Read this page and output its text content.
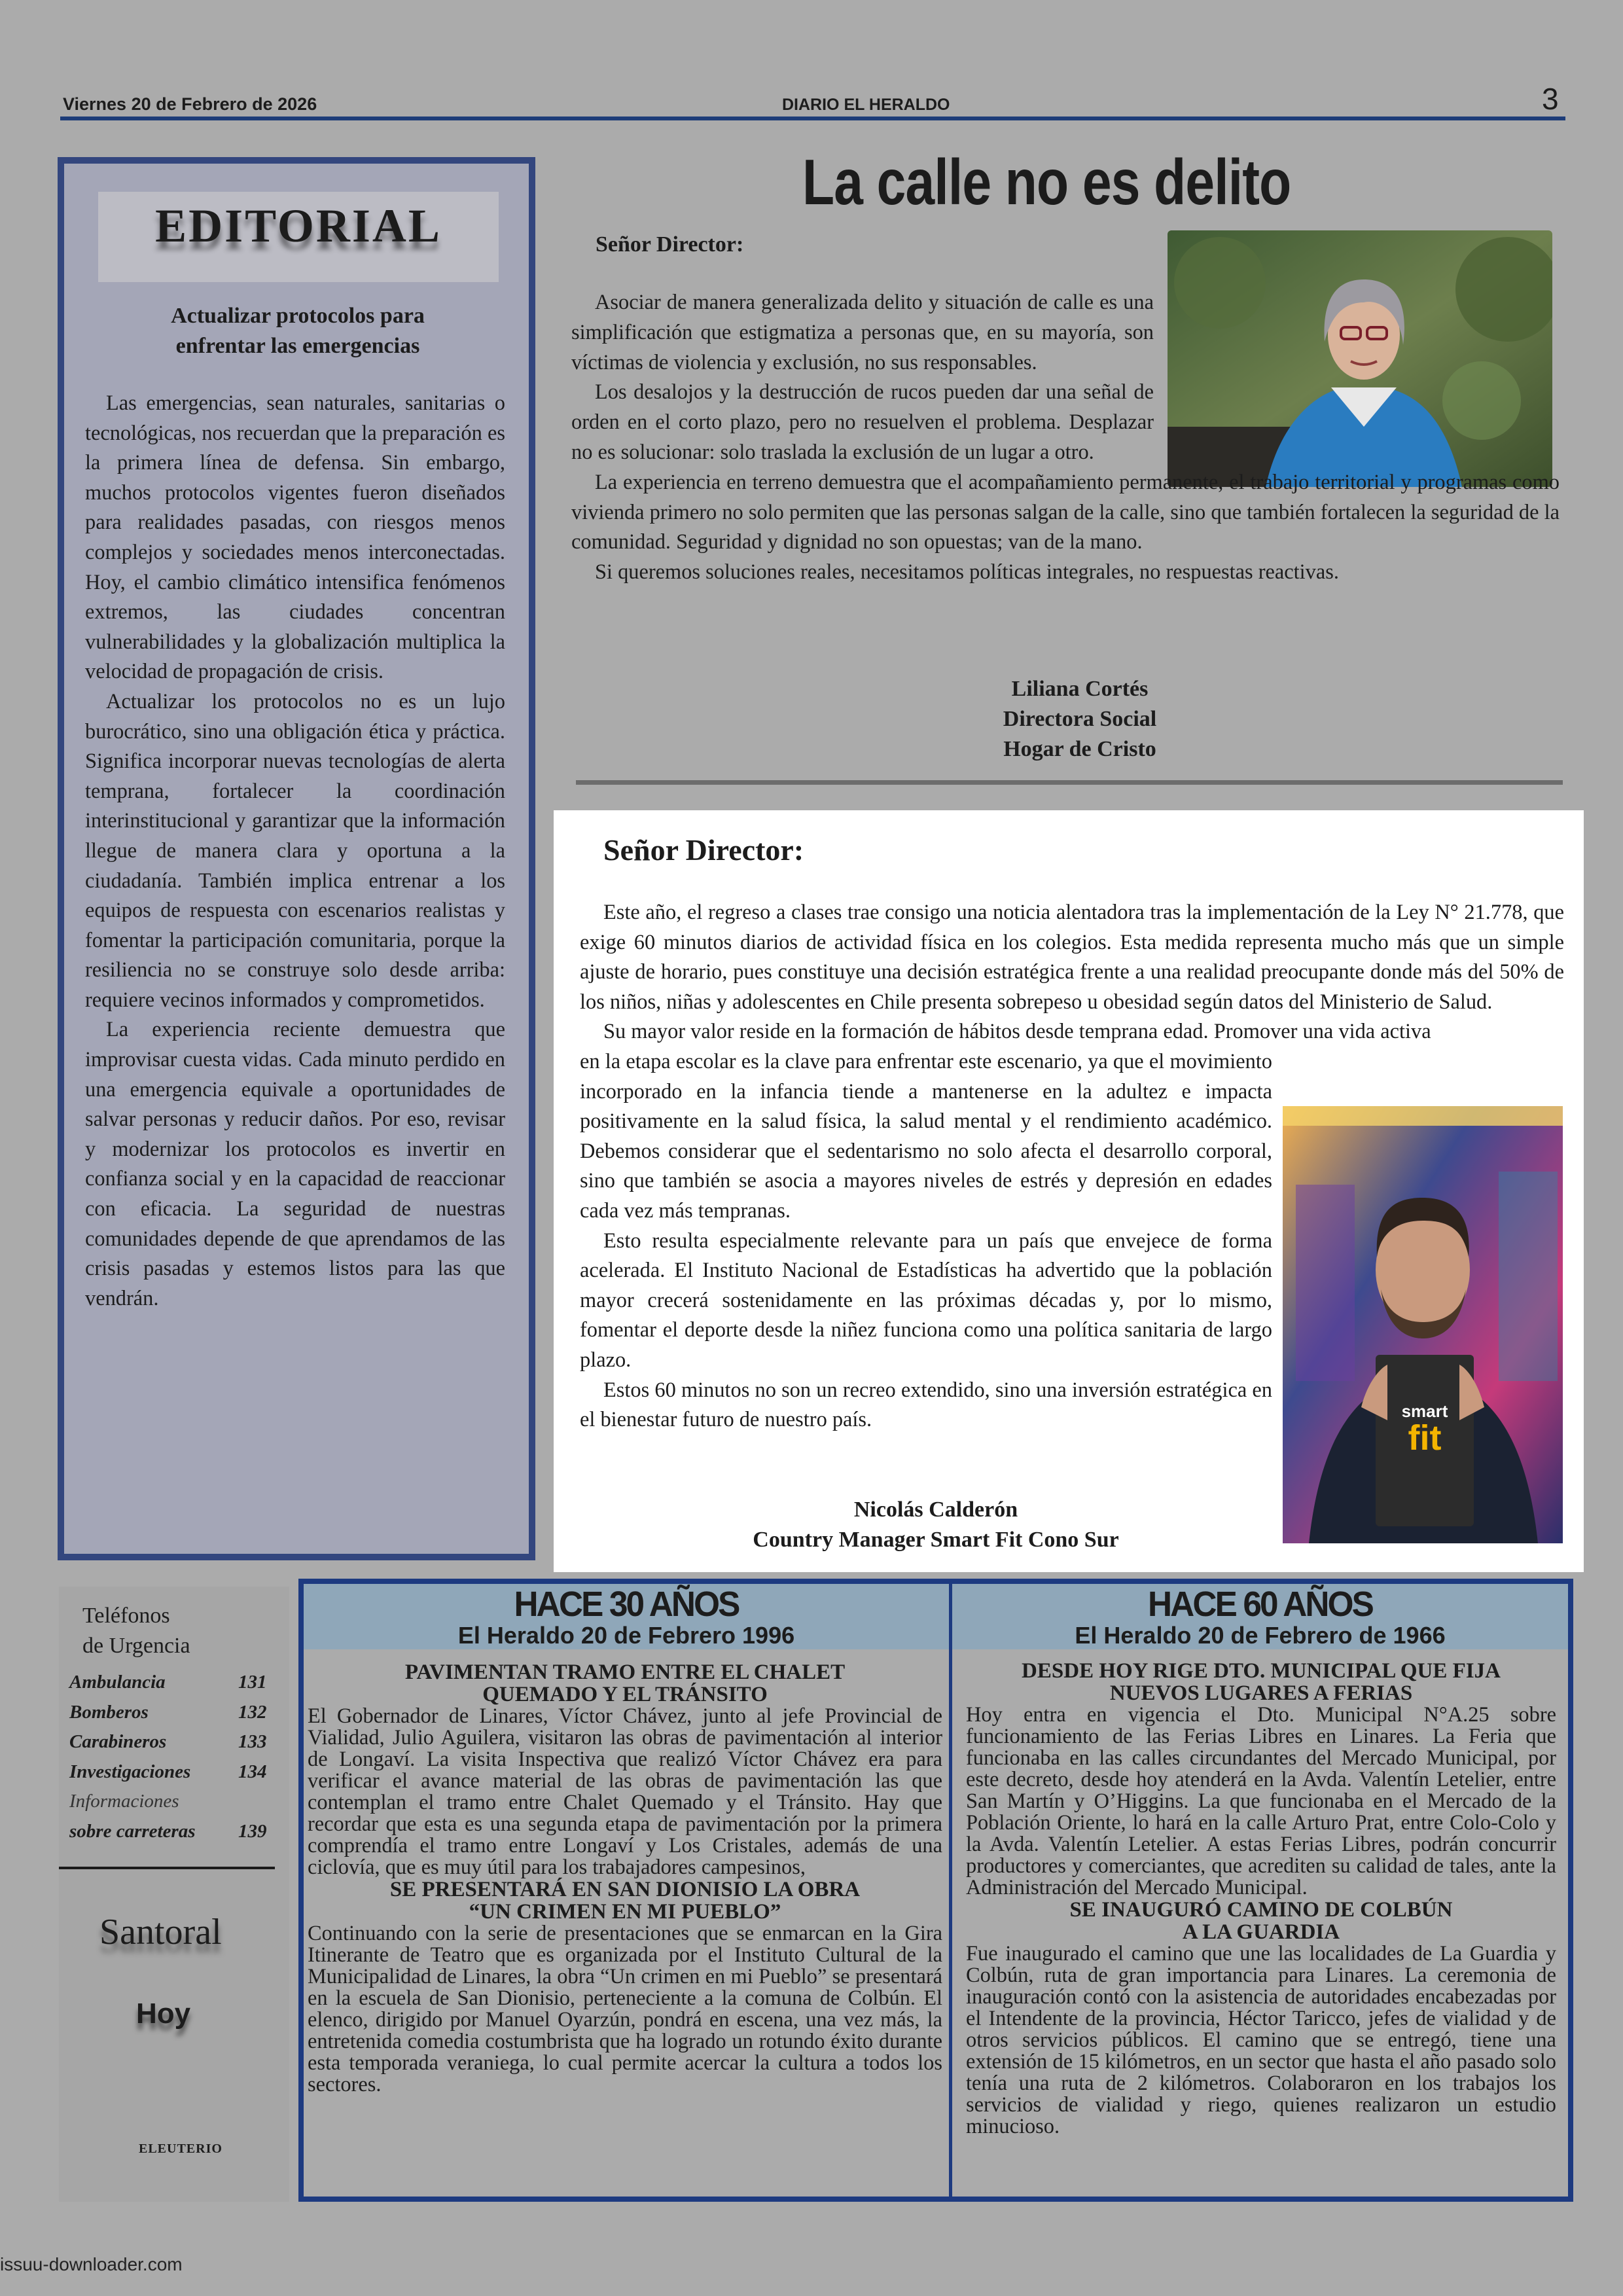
Viernes 20 de Febrero de 2026	DIARIO EL HERALDO	3
EDITORIAL
Actualizar protocolos para
enfrentar las emergencias

Las emergencias, sean naturales, sanitarias o tecnológicas, nos recuerdan que la preparación es la primera línea de defensa. Sin embargo, muchos protocolos vigentes fueron diseñados para realidades pasadas, con riesgos menos complejos y sociedades menos interconectadas. Hoy, el cambio climático intensifica fenómenos extremos, las ciudades concentran vulnerabilidades y la globalización multiplica la velocidad de propagación de crisis.

Actualizar los protocolos no es un lujo burocrático, sino una obligación ética y práctica. Significa incorporar nuevas tecnologías de alerta temprana, fortalecer la coordinación interinstitucional y garantizar que la información llegue de manera clara y oportuna a la ciudadanía. También implica entrenar a los equipos de respuesta con escenarios realistas y fomentar la participación comunitaria, porque la resiliencia no se construye solo desde arriba: requiere vecinos informados y comprometidos.

La experiencia reciente demuestra que improvisar cuesta vidas. Cada minuto perdido en una emergencia equivale a oportunidades de salvar personas y reducir daños. Por eso, revisar y modernizar los protocolos es invertir en confianza social y en la capacidad de reaccionar con eficacia. La seguridad de nuestras comunidades depende de que aprendamos de las crisis pasadas y estemos listos para las que vendrán.

La calle no es delito
Señor Director:

Asociar de manera generalizada delito y situación de calle es una simplificación que estigmatiza a personas que, en su mayoría, son víctimas de violencia y exclusión, no sus responsables.

Los desalojos y la destrucción de rucos pueden dar una señal de orden en el corto plazo, pero no resuelven el problema. Desplazar no es solucionar: solo traslada la exclusión de un lugar a otro.

La experiencia en terreno demuestra que el acompañamiento permanente, el trabajo territorial y programas como vivienda primero no solo permiten que las personas salgan de la calle, sino que también fortalecen la seguridad de la comunidad. Seguridad y dignidad no son opuestas; van de la mano.

Si queremos soluciones reales, necesitamos políticas integrales, no respuestas reactivas.

Liliana Cortés
Directora Social
Hogar de Cristo
Señor Director:

Este año, el regreso a clases trae consigo una noticia alentadora tras la implementación de la Ley N° 21.778, que exige 60 minutos diarios de actividad física en los colegios. Esta medida representa mucho más que un simple ajuste de horario, pues constituye una decisión estratégica frente a una realidad preocupante donde más del 50% de los niños, niñas y adolescentes en Chile presenta sobrepeso u obesidad según datos del Ministerio de Salud.

Su mayor valor reside en la formación de hábitos desde temprana edad. Promover una vida activa

en la etapa escolar es la clave para enfrentar este escenario, ya que el movimiento incorporado en la infancia tiende a mantenerse en la adultez e impacta positivamente en la salud física, la salud mental y el rendimiento académico. Debemos considerar que el sedentarismo no solo afecta el desarrollo corporal, sino que también se asocia a mayores niveles de estrés y depresión en edades cada vez más tempranas.

Esto resulta especialmente relevante para un país que envejece de forma acelerada. El Instituto Nacional de Estadísticas ha advertido que la población mayor crecerá sostenidamente en las próximas décadas y, por lo mismo, fomentar el deporte desde la niñez funciona como una política sanitaria de largo plazo.

Estos 60 minutos no son un recreo extendido, sino una inversión estratégica en el bienestar futuro de nuestro país.	smart
fit
Nicolás Calderón
Country Manager Smart Fit Cono Sur
Teléfonos
de Urgencia
Ambulancia	131
Bomberos	132
Carabineros	133
Investigaciones	134
Informaciones
sobre carreteras 139
Santoral
Hoy
ELEUTERIO
HACE 30 AÑOS
El Heraldo 20 de Febrero 1996
HACE 60 AÑOS
El Heraldo 20 de Febrero de 1966
PAVIMENTAN TRAMO ENTRE EL CHALET
QUEMADO Y EL TRÁNSITO

El Gobernador de Linares, Víctor Chávez, junto al jefe Provincial de Vialidad, Julio Aguilera, visitaron las obras de pavimentación al interior de Longaví. La visita Inspectiva que realizó Víctor Chávez era para verificar el avance material de las obras de pavimentación las que contemplan el tramo entre Chalet Quemado y el Tránsito. Hay que recordar que esta es una segunda etapa de pavimentación por la primera comprendía el tramo entre Longaví y Los Cristales, además de una ciclovía, que es muy útil para los trabajadores campesinos,

SE PRESENTARÁ EN SAN DIONISIO LA OBRA
“UN CRIMEN EN MI PUEBLO”

Continuando con la serie de presentaciones que se enmarcan en la Gira Itinerante de Teatro que es organizada por el Instituto Cultural de la Municipalidad de Linares, la obra “Un crimen en mi Pueblo” se presentará en la escuela de San Dionisio, perteneciente a la comuna de Colbún. El elenco, dirigido por Manuel Oyarzún, pondrá en escena, una vez más, la entretenida comedia costumbrista que ha logrado un rotundo éxito durante esta temporada veraniega, lo cual permite acercar la cultura a todos los sectores.

DESDE HOY RIGE DTO. MUNICIPAL QUE FIJA
NUEVOS LUGARES A FERIAS

Hoy entra en vigencia el Dto. Municipal N°A.25 sobre funcionamiento de las Ferias Libres en Linares. La Feria que funcionaba en las calles circundantes del Mercado Municipal, por este decreto, desde hoy atenderá en la Avda. Valentín Letelier, entre San Martín y O’Higgins. La que funcionaba en el Mercado de la Población Oriente, lo hará en la calle Arturo Prat, entre Colo-Colo y la Avda. Valentín Letelier. A estas Ferias Libres, podrán concurrir productores y comerciantes, que acrediten su calidad de tales, ante la Administración del Mercado Municipal.

SE INAUGURÓ CAMINO DE COLBÚN
A LA GUARDIA

Fue inaugurado el camino que une las localidades de La Guardia y Colbún, ruta de gran importancia para Linares. La ceremonia de inauguración contó con la asistencia de autoridades encabezadas por el Intendente de la provincia, Héctor Taricco, jefes de vialidad y de otros servicios públicos. El camino que se entregó, tiene una extensión de 15 kilómetros, en un sector que hasta el año pasado solo tenía una ruta de 2 kilómetros. Colaboraron en los trabajos los servicios de vialidad y riego, quienes realizaron un estudio minucioso.

issuu-downloader.com
